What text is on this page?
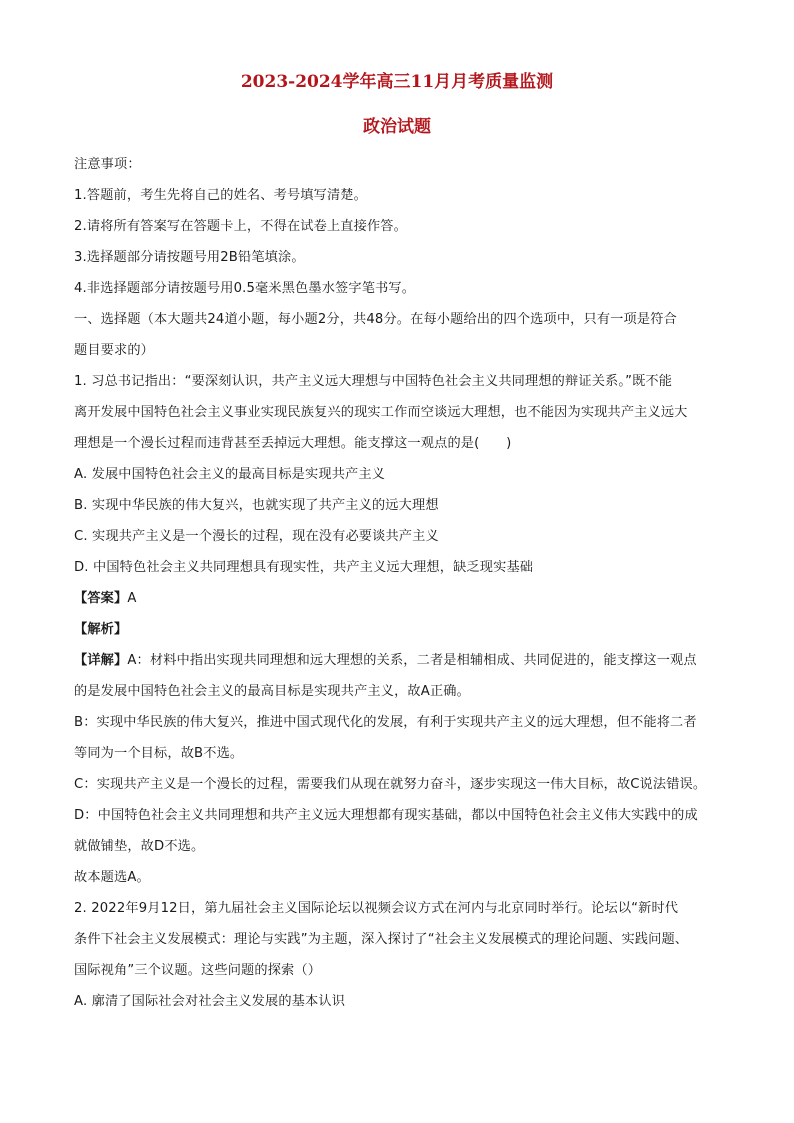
2023-2024学年高三11月月考质量监测
政治试题
注意事项：
1.答题前，考生先将自己的姓名、考号填写清楚。
2.请将所有答案写在答题卡上，不得在试卷上直接作答。
3.选择题部分请按题号用2B铅笔填涂。
4.非选择题部分请按题号用0.5毫米黑色墨水签字笔书写。
一、选择题（本大题共24道小题，每小题2分，共48分。在每小题给出的四个选项中，只有一项是符合
题目要求的）
1. 习总书记指出：“要深刻认识，共产主义远大理想与中国特色社会主义共同理想的辩证关系。”既不能
离开发展中国特色社会主义事业实现民族复兴的现实工作而空谈远大理想，也不能因为实现共产主义远大
理想是一个漫长过程而违背甚至丢掉远大理想。能支撑这一观点的是(　　)
A. 发展中国特色社会主义的最高目标是实现共产主义
B. 实现中华民族的伟大复兴，也就实现了共产主义的远大理想
C. 实现共产主义是一个漫长的过程，现在没有必要谈共产主义
D. 中国特色社会主义共同理想具有现实性，共产主义远大理想，缺乏现实基础
【答案】A
【解析】
【详解】A：材料中指出实现共同理想和远大理想的关系，二者是相辅相成、共同促进的，能支撑这一观点
的是发展中国特色社会主义的最高目标是实现共产主义，故A正确。
B：实现中华民族的伟大复兴，推进中国式现代化的发展，有利于实现共产主义的远大理想，但不能将二者
等同为一个目标，故B不选。
C：实现共产主义是一个漫长的过程，需要我们从现在就努力奋斗，逐步实现这一伟大目标，故C说法错误。
D：中国特色社会主义共同理想和共产主义远大理想都有现实基础，都以中国特色社会主义伟大实践中的成
就做铺垫，故D不选。
故本题选A。
2. 2022年9月12日，第九届社会主义国际论坛以视频会议方式在河内与北京同时举行。论坛以“新时代
条件下社会主义发展模式：理论与实践”为主题，深入探讨了“社会主义发展模式的理论问题、实践问题、
国际视角”三个议题。这些问题的探索（）
A. 廓清了国际社会对社会主义发展的基本认识
